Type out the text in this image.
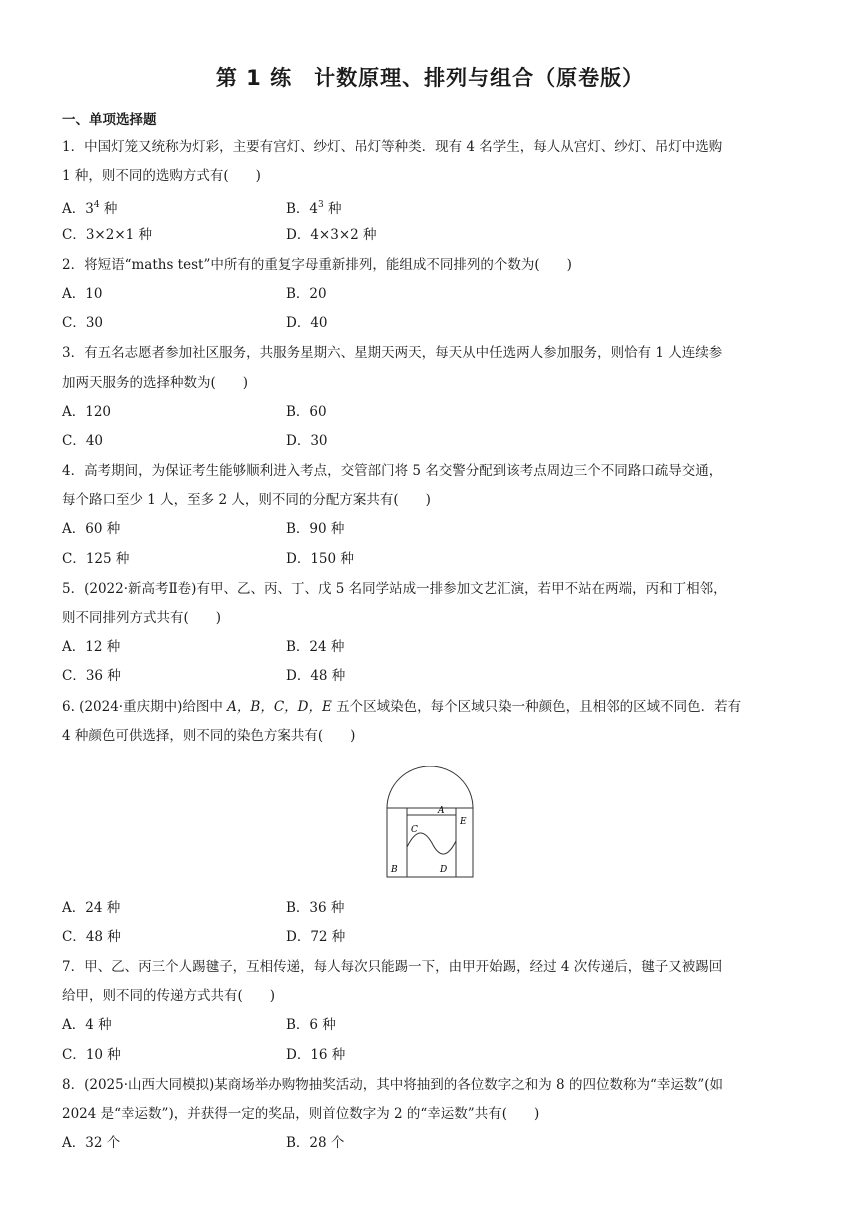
第 1 练　计数原理、排列与组合（原卷版）
一、单项选择题
1．中国灯笼又统称为灯彩，主要有宫灯、纱灯、吊灯等种类．现有 4 名学生，每人从宫灯、纱灯、吊灯中选购
1 种，则不同的选购方式有(　　)
A．$3^4$ 种	B．$4^3$ 种
C．3×2×1 种	D．4×3×2 种
2．将短语“maths test”中所有的重复字母重新排列，能组成不同排列的个数为(　　)
A．10	B．20
C．30	D．40
3．有五名志愿者参加社区服务，共服务星期六、星期天两天，每天从中任选两人参加服务，则恰有 1 人连续参
加两天服务的选择种数为(　　)
A．120	B．60
C．40	D．30
4．高考期间，为保证考生能够顺利进入考点，交管部门将 5 名交警分配到该考点周边三个不同路口疏导交通，
每个路口至少 1 人，至多 2 人，则不同的分配方案共有(　　)
A．60 种	B．90 种
C．125 种	D．150 种
5．(2022·新高考Ⅱ卷)有甲、乙、丙、丁、戊 5 名同学站成一排参加文艺汇演，若甲不站在两端，丙和丁相邻，
则不同排列方式共有(　　)
A．12 种	B．24 种
C．36 种	D．48 种
6. (2024·重庆期中)给图中 A，B，C，D，E 五个区域染色，每个区域只染一种颜色，且相邻的区域不同色．若有
4 种颜色可供选择，则不同的染色方案共有(　　)
A
B
C
D
E
A．24 种	B．36 种
C．48 种	D．72 种
7．甲、乙、丙三个人踢毽子，互相传递，每人每次只能踢一下，由甲开始踢，经过 4 次传递后，毽子又被踢回
给甲，则不同的传递方式共有(　　)
A．4 种	B．6 种
C．10 种	D．16 种
8．(2025·山西大同模拟)某商场举办购物抽奖活动，其中将抽到的各位数字之和为 8 的四位数称为“幸运数”(如
2024 是“幸运数”)，并获得一定的奖品，则首位数字为 2 的“幸运数”共有(　　)
A．32 个	B．28 个
